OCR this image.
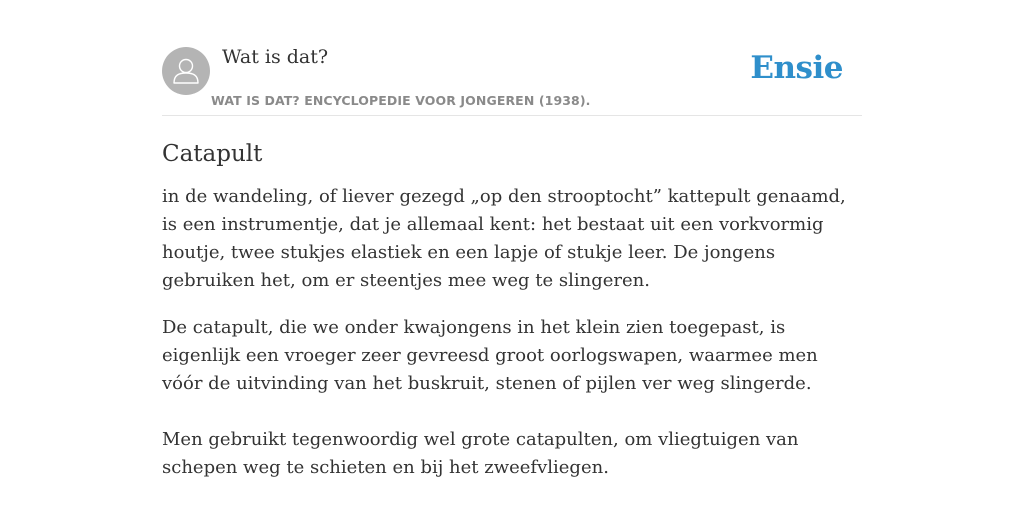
Wat is dat?
WAT IS DAT? ENCYCLOPEDIE VOOR JONGEREN (1938).
Ensie
Catapult

in de wandeling, of liever gezegd „op den strooptocht” kattepult genaamd, is een instrumentje, dat je allemaal kent: het bestaat uit een vorkvormig houtje, twee stukjes elastiek en een lapje of stukje leer. De jongens gebruiken het, om er steentjes mee weg te slingeren.

De catapult, die we onder kwajongens in het klein zien toegepast, is eigenlijk een vroeger zeer gevreesd groot oorlogswapen, waarmee men vóór de uitvinding van het buskruit, stenen of pijlen ver weg slingerde.

Men gebruikt tegenwoordig wel grote catapulten, om vliegtuigen van schepen weg te schieten en bij het zweefvliegen.
